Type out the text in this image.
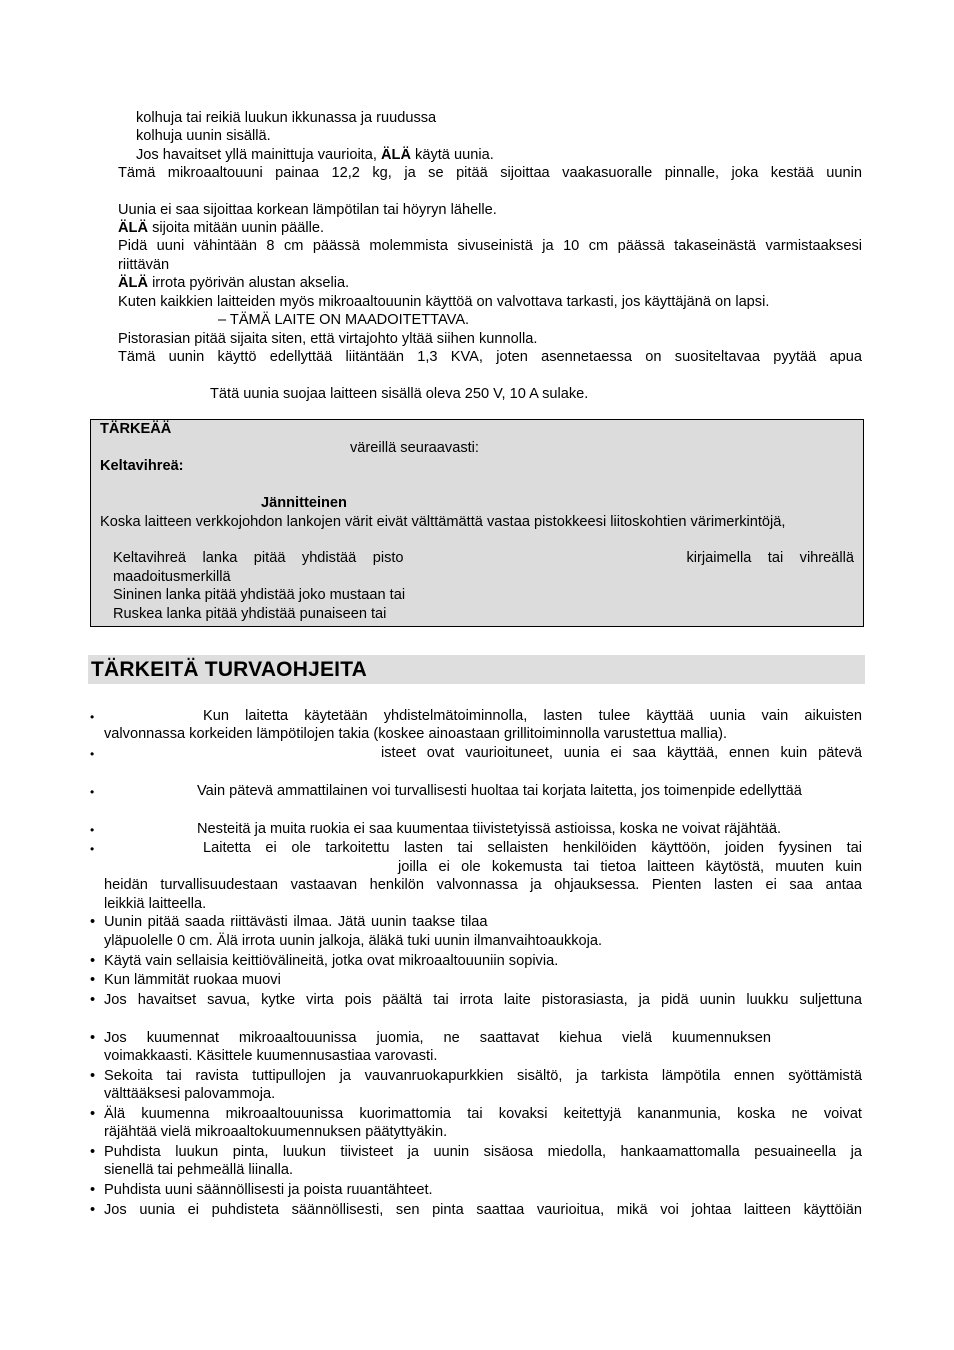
kolhuja tai reikiä luukun ikkunassa ja ruudussa
kolhuja uunin sisällä.
Jos havaitset yllä mainittuja vaurioita, ÄLÄ käytä uunia.
Tämä mikroaaltouuni painaa 12,2 kg, ja se pitää sijoittaa vaakasuoralle pinnalle, joka kestää uunin
Uunia ei saa sijoittaa korkean lämpötilan tai höyryn lähelle.
ÄLÄ sijoita mitään uunin päälle.
Pidä uuni vähintään 8 cm päässä molemmista sivuseinistä ja 10 cm päässä takaseinästä varmistaaksesi
riittävän
ÄLÄ irrota pyörivän alustan akselia.
Kuten kaikkien laitteiden myös mikroaaltouunin käyttöä on valvottava tarkasti, jos käyttäjänä on lapsi.
– TÄMÄ LAITE ON MAADOITETTAVA.
Pistorasian pitää sijaita siten, että virtajohto yltää siihen kunnolla.
Tämä uunin käyttö edellyttää liitäntään 1,3 KVA, joten asennetaessa on suositeltavaa pyytää apua
Tätä uunia suojaa laitteen sisällä oleva 250 V, 10 A sulake.
TÄRKEÄÄ
väreillä seuraavasti:
Keltavihreä:
Jännitteinen
Koska laitteen verkkojohdon lankojen värit eivät välttämättä vastaa pistokkeesi liitoskohtien värimerkintöjä,
Keltavihreä lanka pitää yhdistää pisto	kirjaimella tai vihreällä
maadoitusmerkillä
Sininen lanka pitää yhdistää joko mustaan tai
Ruskea lanka pitää yhdistää punaiseen tai
TÄRKEITÄ TURVAOHJEITA
•	Kun laitetta käytetään yhdistelmätoiminnolla, lasten tulee käyttää uunia vain aikuisten
valvonnassa korkeiden lämpötilojen takia (koskee ainoastaan grillitoiminnolla varustettua mallia).
•	isteet ovat vaurioituneet, uunia ei saa käyttää, ennen kuin pätevä
•	Vain pätevä ammattilainen voi turvallisesti huoltaa tai korjata laitetta, jos toimenpide edellyttää
•	Nesteitä ja muita ruokia ei saa kuumentaa tiivistetyissä astioissa, koska ne voivat räjähtää.
•	Laitetta ei ole tarkoitettu lasten tai sellaisten henkilöiden käyttöön, joiden fyysinen tai
joilla ei ole kokemusta tai tietoa laitteen käytöstä, muuten kuin
heidän turvallisuudestaan vastaavan henkilön valvonnassa ja ohjauksessa. Pienten lasten ei saa antaa
leikkiä laitteella.
• Uunin pitää saada riittävästi ilmaa. Jätä uunin taakse tilaa
yläpuolelle 0 cm. Älä irrota uunin jalkoja, äläkä tuki uunin ilmanvaihtoaukkoja.
• Käytä vain sellaisia keittiövälineitä, jotka ovat mikroaaltouuniin sopivia.
• Kun lämmität ruokaa muovi
• Jos havaitset savua, kytke virta pois päältä tai irrota laite pistorasiasta, ja pidä uunin luukku suljettuna
• Jos kuumennat mikroaaltouunissa juomia, ne saattavat kiehua vielä kuumennuksen
voimakkaasti. Käsittele kuumennusastiaa varovasti.
• Sekoita tai ravista tuttipullojen ja vauvanruokapurkkien sisältö, ja tarkista lämpötila ennen syöttämistä
välttääksesi palovammoja.
• Älä kuumenna mikroaaltouunissa kuorimattomia tai kovaksi keitettyjä kananmunia, koska ne voivat
räjähtää vielä mikroaaltokuumennuksen päätyttyäkin.
• Puhdista luukun pinta, luukun tiivisteet ja uunin sisäosa miedolla, hankaamattomalla pesuaineella ja
sienellä tai pehmeällä liinalla.
• Puhdista uuni säännöllisesti ja poista ruuantähteet.
• Jos uunia ei puhdisteta säännöllisesti, sen pinta saattaa vaurioitua, mikä voi johtaa laitteen käyttöiän
